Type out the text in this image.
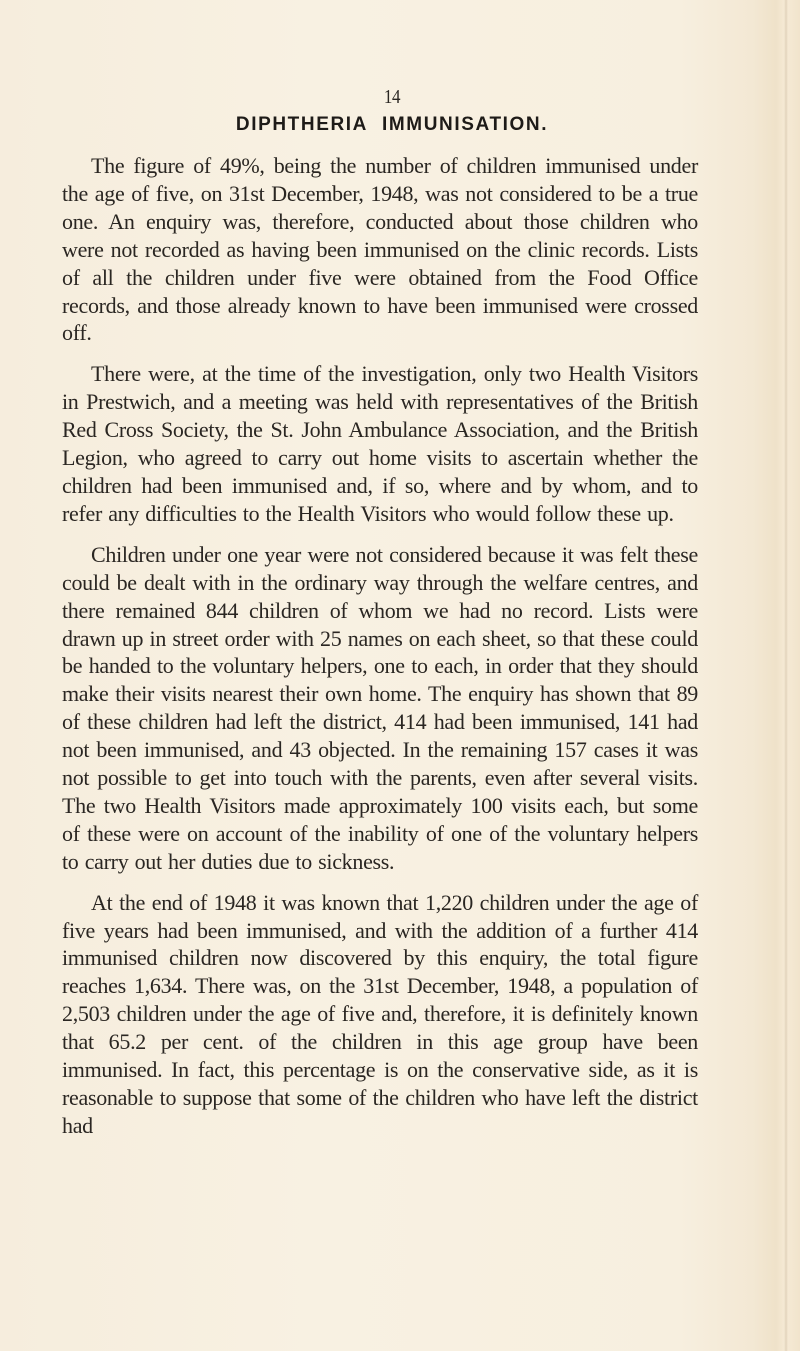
14
DIPHTHERIA IMMUNISATION.

The figure of 49%, being the number of children immunised under the age of five, on 31st December, 1948, was not considered to be a true one. An enquiry was, therefore, conducted about those children who were not recorded as having been immunised on the clinic records. Lists of all the children under five were obtained from the Food Office records, and those already known to have been immunised were crossed off.

There were, at the time of the investigation, only two Health Visitors in Prestwich, and a meeting was held with representatives of the British Red Cross Society, the St. John Ambulance Association, and the British Legion, who agreed to carry out home visits to ascertain whether the children had been immunised and, if so, where and by whom, and to refer any difficulties to the Health Visitors who would follow these up.

Children under one year were not considered because it was felt these could be dealt with in the ordinary way through the welfare centres, and there remained 844 children of whom we had no record. Lists were drawn up in street order with 25 names on each sheet, so that these could be handed to the voluntary helpers, one to each, in order that they should make their visits nearest their own home. The enquiry has shown that 89 of these children had left the district, 414 had been immunised, 141 had not been immunised, and 43 objected. In the remaining 157 cases it was not possible to get into touch with the parents, even after several visits. The two Health Visitors made approximately 100 visits each, but some of these were on account of the inability of one of the voluntary helpers to carry out her duties due to sickness.

At the end of 1948 it was known that 1,220 children under the age of five years had been immunised, and with the addition of a further 414 immunised children now discovered by this enquiry, the total figure reaches 1,634. There was, on the 31st December, 1948, a population of 2,503 children under the age of five and, therefore, it is definitely known that 65.2 per cent. of the children in this age group have been immunised. In fact, this percentage is on the conservative side, as it is reasonable to suppose that some of the children who have left the district had
